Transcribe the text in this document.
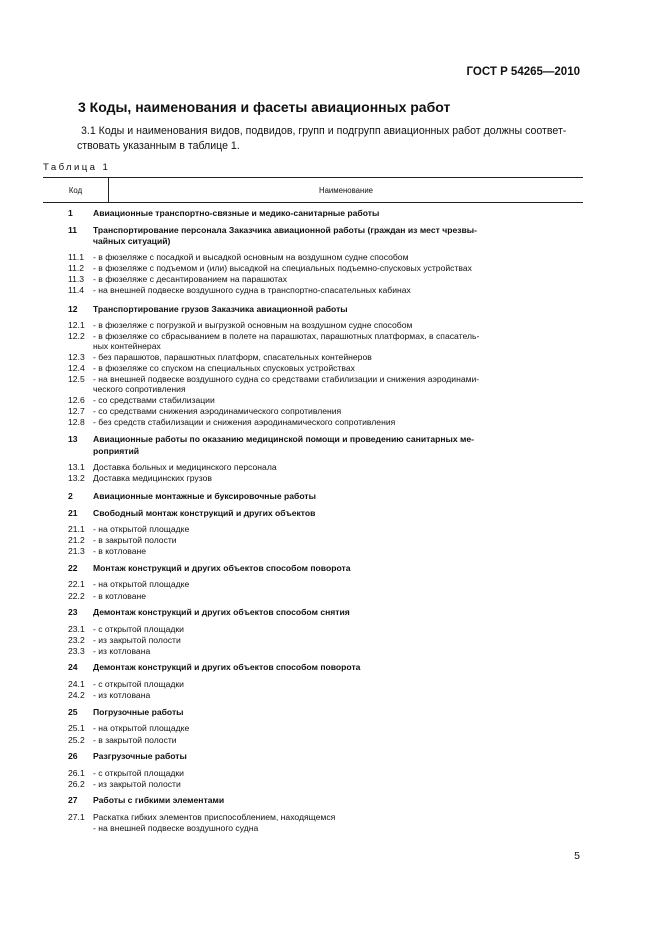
ГОСТ Р 54265—2010
3 Коды, наименования и фасеты авиационных работ
3.1 Коды и наименования видов, подвидов, групп и подгрупп авиационных работ должны соответ-ствовать указанным в таблице 1.
Таблица 1
Код	Наименование
1	Авиационные транспортно-связные и медико-санитарные работы
11	Транспортирование персонала Заказчика авиационной работы (граждан из мест чрезвы-
чайных ситуаций)
11.1	- в фюзеляже с посадкой и высадкой основным на воздушном судне способом
11.2	- в фюзеляже с подъемом и (или) высадкой на специальных подъемно-спусковых устройствах
11.3	- в фюзеляже с десантированием на парашютах
11.4	- на внешней подвеске воздушного судна в транспортно-спасательных кабинах
12	Транспортирование грузов Заказчика авиационной работы
12.1 - в фюзеляже с погрузкой и выгрузкой основным на воздушном судне способом
12.2 - в фюзеляже со сбрасыванием в полете на парашютах, парашютных платформах, в спасатель-
ных контейнерах
12.3 - без парашютов, парашютных платформ, спасательных контейнеров
12.4 - в фюзеляже со спуском на специальных спусковых устройствах
12.5 - на внешней подвеске воздушного судна со средствами стабилизации и снижения аэродинами-
ческого сопротивления
12.6 - со средствами стабилизации
12.7 - со средствами снижения аэродинамического сопротивления
12.8 - без средств стабилизации и снижения аэродинамического сопротивления
13	Авиационные работы по оказанию медицинской помощи и проведению санитарных ме-
роприятий
13.1 Доставка больных и медицинского персонала
13.2 Доставка медицинских грузов
2	Авиационные монтажные и буксировочные работы
21	Свободный монтаж конструкций и других объектов
21.1 - на открытой площадке
21.2 - в закрытой полости
21.3 - в котловане
22	Монтаж конструкций и других объектов способом поворота
22.1 - на открытой площадке
22.2 - в котловане
23	Демонтаж конструкций и других объектов способом снятия
23.1 - с открытой площадки
23.2 - из закрытой полости
23.3 - из котлована
24	Демонтаж конструкций и других объектов способом поворота
24.1 - с открытой площадки
24.2 - из котлована
25	Погрузочные работы
25.1 - на открытой площадке
25.2 - в закрытой полости
26	Разгрузочные работы
26.1 - с открытой площадки
26.2 - из закрытой полости
27	Работы с гибкими элементами
27.1 Раскатка гибких элементов приспособлением, находящемся
- на внешней подвеске воздушного судна
5
